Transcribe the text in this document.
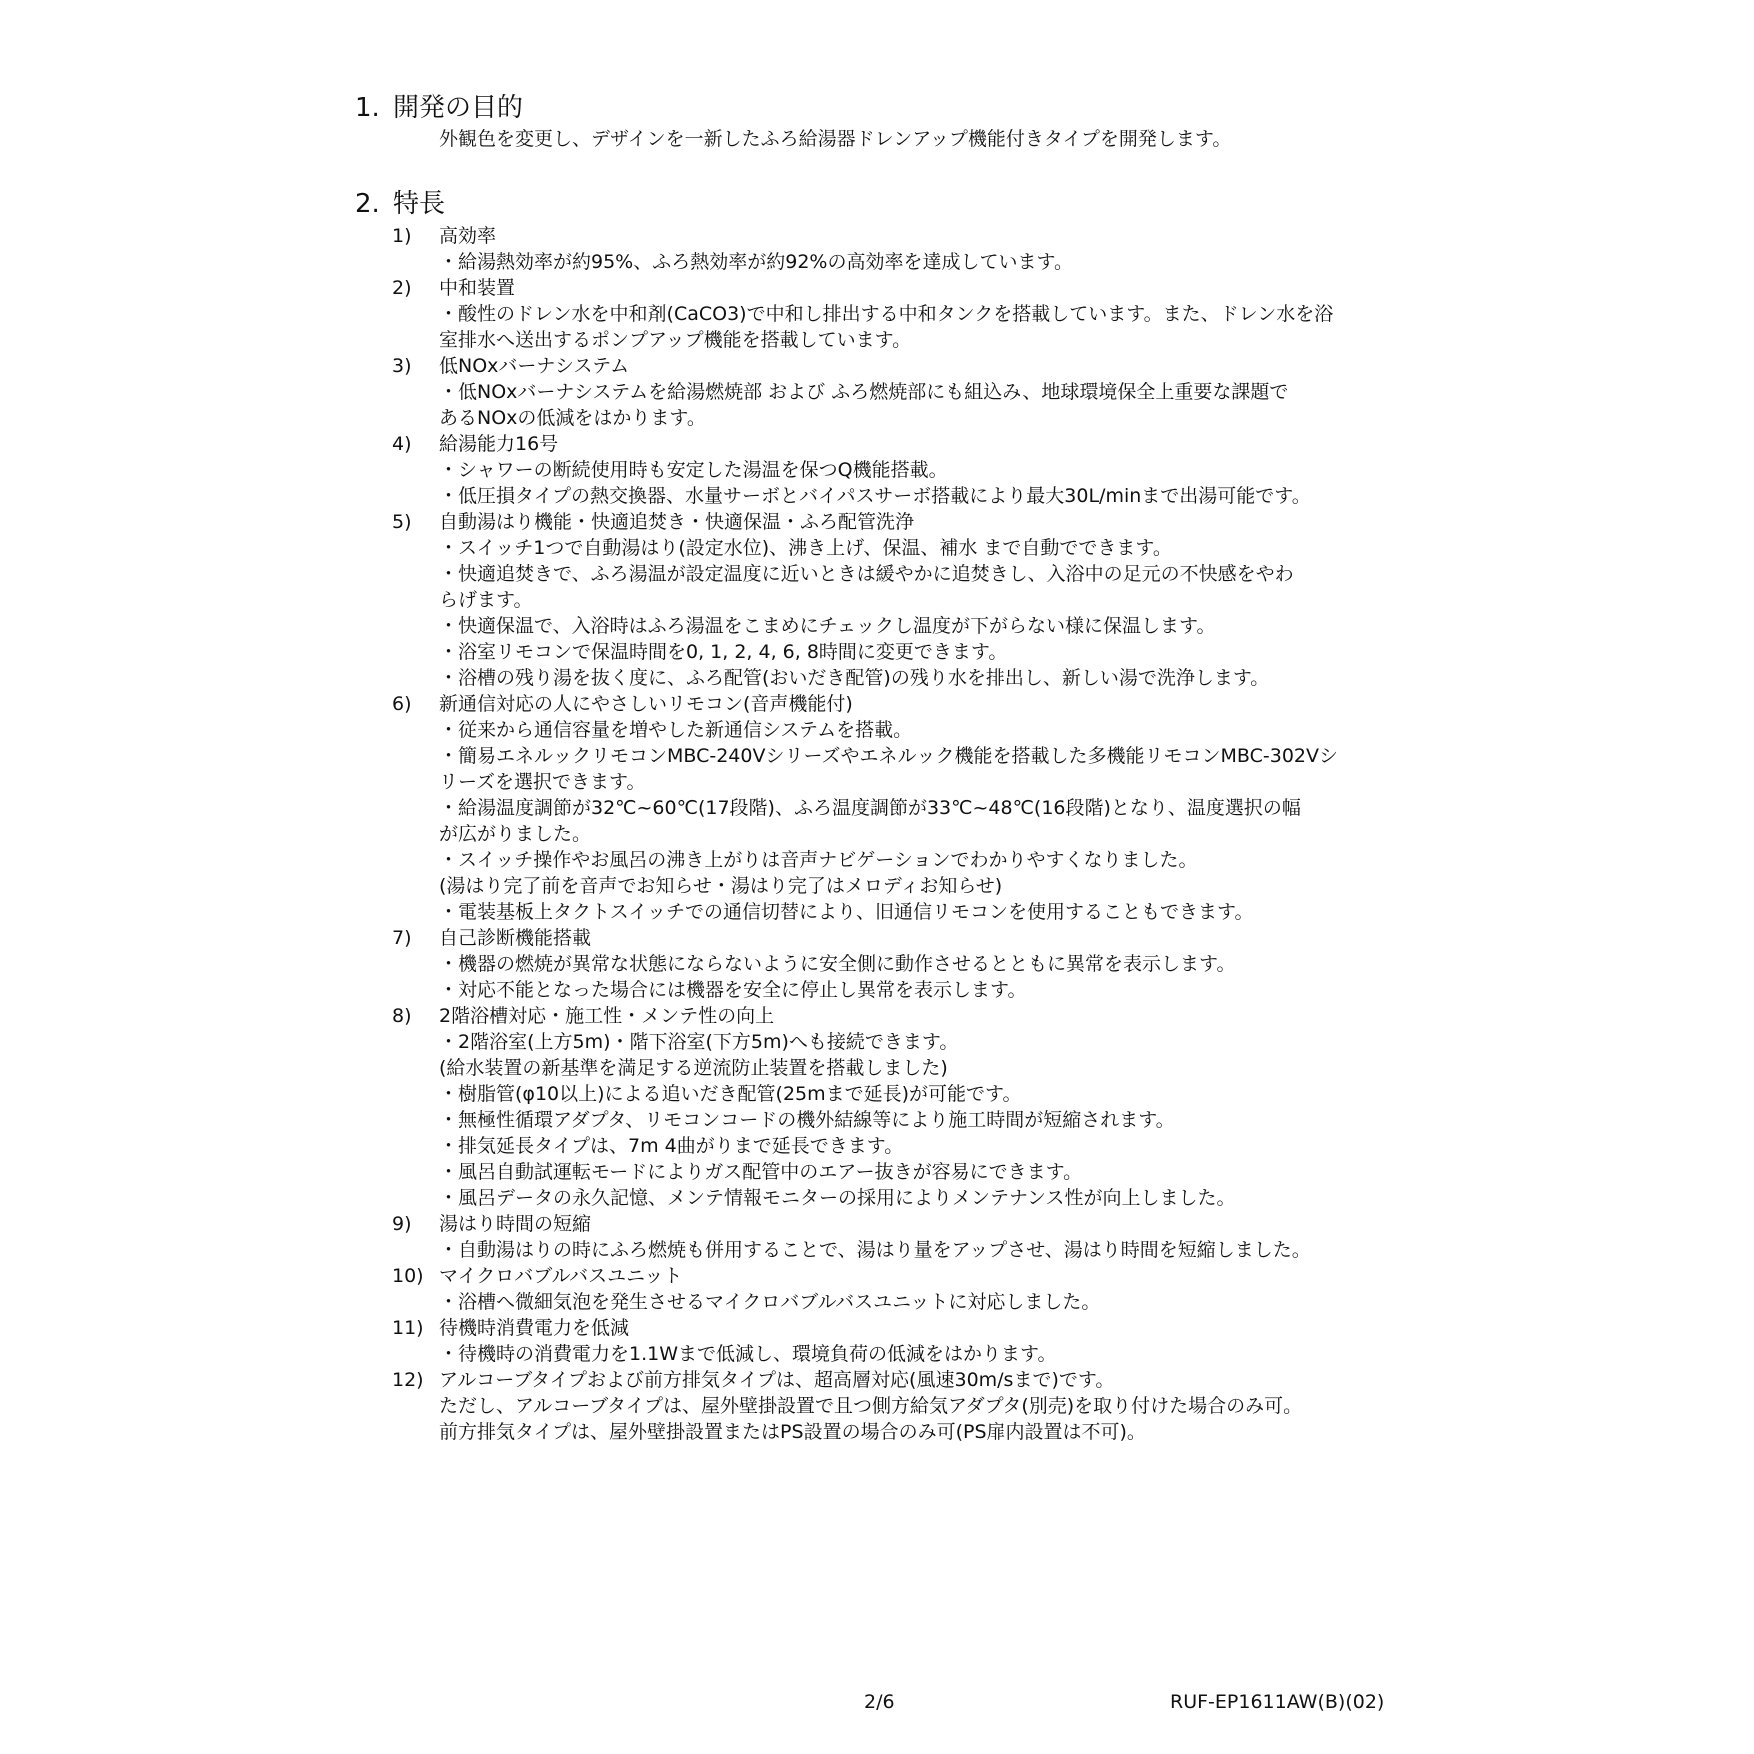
1. 開発の目的
外観色を変更し、デザインを一新したふろ給湯器ドレンアップ機能付きタイプを開発します。
2. 特長
1) 高効率
・給湯熱効率が約95%、ふろ熱効率が約92%の高効率を達成しています。
2) 中和装置
・酸性のドレン水を中和剤(CaCO3)で中和し排出する中和タンクを搭載しています。また、ドレン水を浴
室排水へ送出するポンプアップ機能を搭載しています。
3) 低NOxバーナシステム
・低NOxバーナシステムを給湯燃焼部 および ふろ燃焼部にも組込み、地球環境保全上重要な課題で
あるNOxの低減をはかります。
4) 給湯能力16号
・シャワーの断続使用時も安定した湯温を保つQ機能搭載。
・低圧損タイプの熱交換器、水量サーボとバイパスサーボ搭載により最大30L/minまで出湯可能です。
5) 自動湯はり機能・快適追焚き・快適保温・ふろ配管洗浄
・スイッチ1つで自動湯はり(設定水位)、沸き上げ、保温、補水 まで自動でできます。
・快適追焚きで、ふろ湯温が設定温度に近いときは緩やかに追焚きし、入浴中の足元の不快感をやわ
らげます。
・快適保温で、入浴時はふろ湯温をこまめにチェックし温度が下がらない様に保温します。
・浴室リモコンで保温時間を0, 1, 2, 4, 6, 8時間に変更できます。
・浴槽の残り湯を抜く度に、ふろ配管(おいだき配管)の残り水を排出し、新しい湯で洗浄します。
6) 新通信対応の人にやさしいリモコン(音声機能付)
・従来から通信容量を増やした新通信システムを搭載。
・簡易エネルックリモコンMBC-240Vシリーズやエネルック機能を搭載した多機能リモコンMBC-302Vシ
リーズを選択できます。
・給湯温度調節が32℃~60℃(17段階)、ふろ温度調節が33℃~48℃(16段階)となり、温度選択の幅
が広がりました。
・スイッチ操作やお風呂の沸き上がりは音声ナビゲーションでわかりやすくなりました。
(湯はり完了前を音声でお知らせ・湯はり完了はメロディお知らせ)
・電装基板上タクトスイッチでの通信切替により、旧通信リモコンを使用することもできます。
7) 自己診断機能搭載
・機器の燃焼が異常な状態にならないように安全側に動作させるとともに異常を表示します。
・対応不能となった場合には機器を安全に停止し異常を表示します。
8) 2階浴槽対応・施工性・メンテ性の向上
・2階浴室(上方5m)・階下浴室(下方5m)へも接続できます。
(給水装置の新基準を満足する逆流防止装置を搭載しました)
・樹脂管(φ10以上)による追いだき配管(25mまで延長)が可能です。
・無極性循環アダプタ、リモコンコードの機外結線等により施工時間が短縮されます。
・排気延長タイプは、7m 4曲がりまで延長できます。
・風呂自動試運転モードによりガス配管中のエアー抜きが容易にできます。
・風呂データの永久記憶、メンテ情報モニターの採用によりメンテナンス性が向上しました。
9) 湯はり時間の短縮
・自動湯はりの時にふろ燃焼も併用することで、湯はり量をアップさせ、湯はり時間を短縮しました。
10) マイクロバブルバスユニット
・浴槽へ微細気泡を発生させるマイクロバブルバスユニットに対応しました。
11) 待機時消費電力を低減
・待機時の消費電力を1.1Wまで低減し、環境負荷の低減をはかります。
12) アルコーブタイプおよび前方排気タイプは、超高層対応(風速30m/sまで)です。
ただし、アルコーブタイプは、屋外壁掛設置で且つ側方給気アダプタ(別売)を取り付けた場合のみ可。
前方排気タイプは、屋外壁掛設置またはPS設置の場合のみ可(PS扉内設置は不可)。
2/6	RUF-EP1611AW(B)(02)
